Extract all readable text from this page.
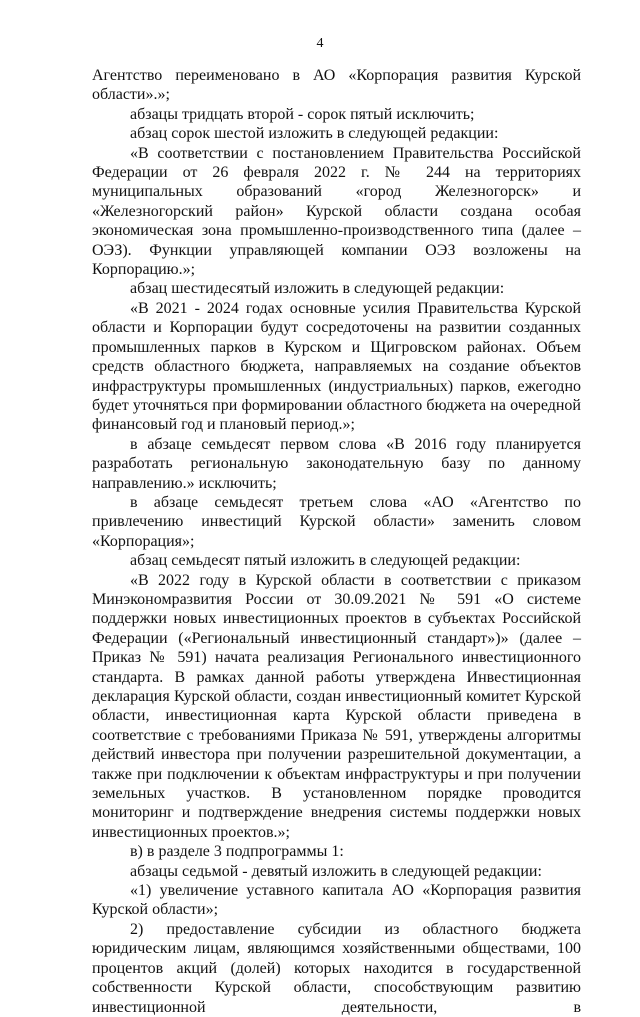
4

Агентство переименовано в АО «Корпорация развития Курской области».»;

абзацы тридцать второй - сорок пятый исключить;

абзац сорок шестой изложить в следующей редакции:

«В соответствии с постановлением Правительства Российской Федерации от 26 февраля 2022 г. № 244 на территориях муниципальных образований «город Железногорск» и «Железногорский район» Курской области создана особая экономическая зона промышленно-производственного типа (далее – ОЭЗ). Функции управляющей компании ОЭЗ возложены на Корпорацию.»;

абзац шестидесятый изложить в следующей редакции:

«В 2021 - 2024 годах основные усилия Правительства Курской области и Корпорации будут сосредоточены на развитии созданных промышленных парков в Курском и Щигровском районах. Объем средств областного бюджета, направляемых на создание объектов инфраструктуры промышленных (индустриальных) парков, ежегодно будет уточняться при формировании областного бюджета на очередной финансовый год и плановый период.»;

в абзаце семьдесят первом слова «В 2016 году планируется разработать региональную законодательную базу по данному направлению.» исключить;

в абзаце семьдесят третьем слова «АО «Агентство по привлечению инвестиций Курской области» заменить словом «Корпорация»;

абзац семьдесят пятый изложить в следующей редакции:

«В 2022 году в Курской области в соответствии с приказом Минэкономразвития России от 30.09.2021 № 591 «О системе поддержки новых инвестиционных проектов в субъектах Российской Федерации («Региональный инвестиционный стандарт»)» (далее – Приказ № 591) начата реализация Регионального инвестиционного стандарта. В рамках данной работы утверждена Инвестиционная декларация Курской области, создан инвестиционный комитет Курской области, инвестиционная карта Курской области приведена в соответствие с требованиями Приказа № 591, утверждены алгоритмы действий инвестора при получении разрешительной документации, а также при подключении к объектам инфраструктуры и при получении земельных участков. В установленном порядке проводится мониторинг и подтверждение внедрения системы поддержки новых инвестиционных проектов.»;

в) в разделе 3 подпрограммы 1:

абзацы седьмой - девятый изложить в следующей редакции:

«1) увеличение уставного капитала АО «Корпорация развития Курской области»;

2) предоставление субсидии из областного бюджета юридическим лицам, являющимся хозяйственными обществами, 100 процентов акций (долей) которых находится в государственной собственности Курской области, способствующим развитию инвестиционной деятельности, в
